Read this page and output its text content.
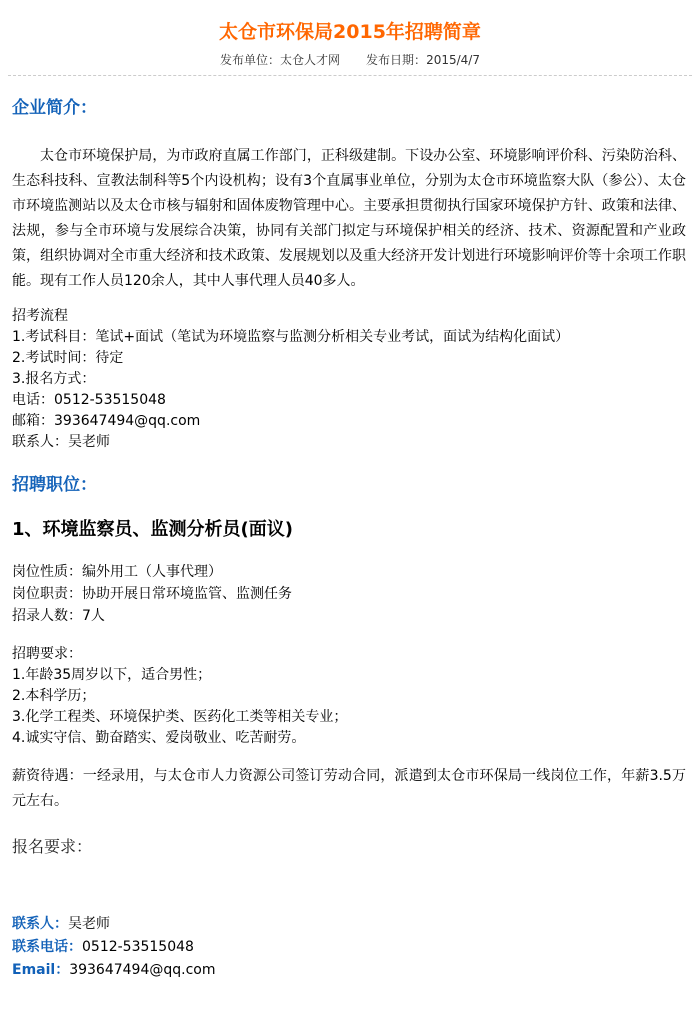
太仓市环保局2015年招聘简章
发布单位：太仓人才网 发布日期：2015/4/7
企业简介：
太仓市环境保护局，为市政府直属工作部门，正科级建制。下设办公室、环境影响评价科、污染防治科、生态科技科、宣教法制科等5个内设机构；设有3个直属事业单位，分别为太仓市环境监察大队（参公）、太仓市环境监测站以及太仓市核与辐射和固体废物管理中心。主要承担贯彻执行国家环境保护方针、政策和法律、法规，参与全市环境与发展综合决策，协同有关部门拟定与环境保护相关的经济、技术、资源配置和产业政策，组织协调对全市重大经济和技术政策、发展规划以及重大经济开发计划进行环境影响评价等十余项工作职能。现有工作人员120余人，其中人事代理人员40多人。
招考流程
1.考试科目：笔试+面试（笔试为环境监察与监测分析相关专业考试，面试为结构化面试）
2.考试时间：待定
3.报名方式：
电话：0512-53515048
邮箱：393647494@qq.com
联系人：吴老师
招聘职位：
1、环境监察员、监测分析员(面议)
岗位性质：编外用工（人事代理）
岗位职责：协助开展日常环境监管、监测任务
招录人数：7人
招聘要求：
1.年龄35周岁以下，适合男性；
2.本科学历；
3.化学工程类、环境保护类、医药化工类等相关专业；
4.诚实守信、勤奋踏实、爱岗敬业、吃苦耐劳。
薪资待遇：一经录用，与太仓市人力资源公司签订劳动合同，派遣到太仓市环保局一线岗位工作，年薪3.5万元左右。
报名要求：
联系人：吴老师
联系电话：0512-53515048
Email：393647494@qq.com
